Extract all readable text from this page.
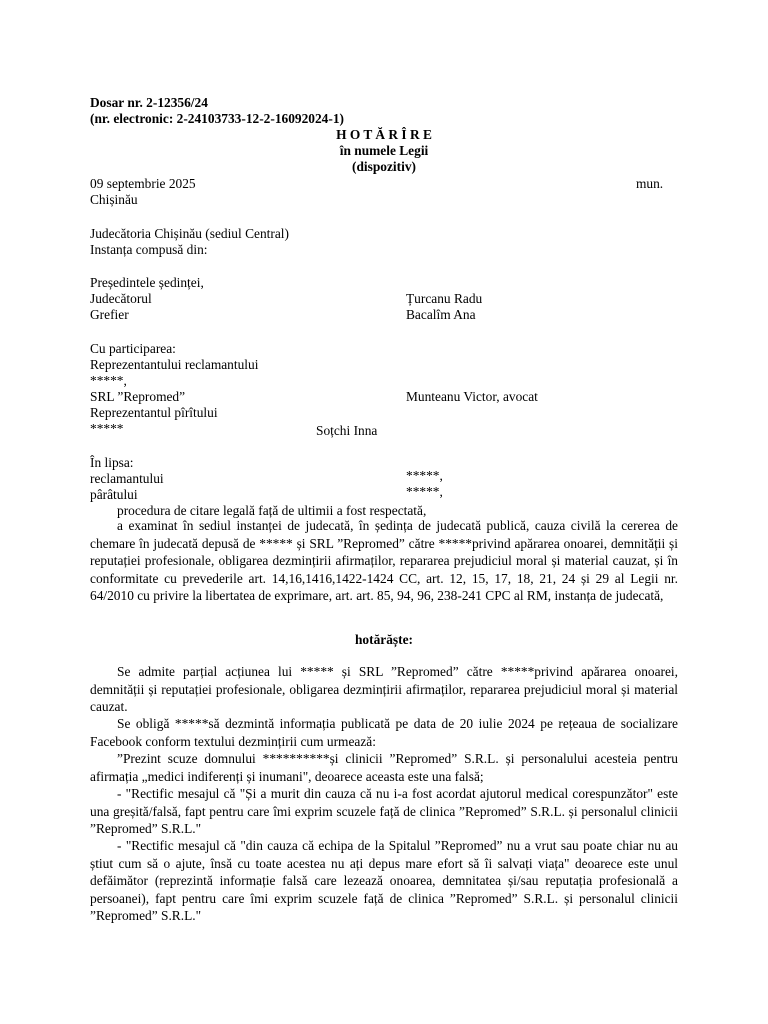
Dosar nr. 2-12356/24
(nr. electronic: 2-24103733-12-2-16092024-1)
H O T Ă R Î R E
în numele Legii
(dispozitiv)
09 septembrie 2025	mun.
Chișinău
Judecătoria Chișinău (sediul Central)
Instanța compusă din:
Președintele ședinței,
Judecătorul	Țurcanu Radu
Grefier	Bacalîm Ana
Cu participarea:
Reprezentantului reclamantului
*****,
SRL ”Repromed”	Munteanu Victor, avocat
Reprezentantul pîrîtului
*****	Soțchi Inna
În lipsa:
reclamantului	*****,
pârâtului	*****,
procedura de citare legală față de ultimii a fost respectată,
a examinat în sediul instanței de judecată, în ședința de judecată publică, cauza civilă la cererea de chemare în judecată depusă de ***** și SRL ”Repromed” către *****privind apărarea onoarei, demnității și reputației profesionale, obligarea dezmințirii afirmaților, repararea prejudiciul moral și material cauzat, și în conformitate cu prevederile art. 14,16,1416,1422-1424 CC, art. 12, 15, 17, 18, 21, 24 și 29 al Legii nr. 64/2010 cu privire la libertatea de exprimare, art. art. 85, 94, 96, 238-241 CPC al RM, instanța de judecată,
hotărăște:
Se admite parțial acțiunea lui ***** și SRL ”Repromed” către *****privind apărarea onoarei, demnității și reputației profesionale, obligarea dezmințirii afirmaților, repararea prejudiciul moral și material cauzat.
Se obligă *****să dezmintă informația publicată pe data de 20 iulie 2024 pe rețeaua de socializare Facebook conform textului dezmințirii cum urmează:
”Prezint scuze domnului **********și clinicii ”Repromed” S.R.L. și personalului acesteia pentru afirmația „medici indiferenți și inumani", deoarece aceasta este una falsă;
- "Rectific mesajul că "Și a murit din cauza că nu i-a fost acordat ajutorul medical corespunzător" este una greșită/falsă, fapt pentru care îmi exprim scuzele față de clinica ”Repromed” S.R.L. și personalul clinicii ”Repromed” S.R.L."
- "Rectific mesajul că "din cauza că echipa de la Spitalul ”Repromed” nu a vrut sau poate chiar nu au știut cum să o ajute, însă cu toate acestea nu ați depus mare efort să îi salvați viața" deoarece este unul defăimător (reprezintă informație falsă care lezează onoarea, demnitatea și/sau reputația profesională a persoanei), fapt pentru care îmi exprim scuzele față de clinica ”Repromed” S.R.L. și personalul clinicii ”Repromed” S.R.L."
